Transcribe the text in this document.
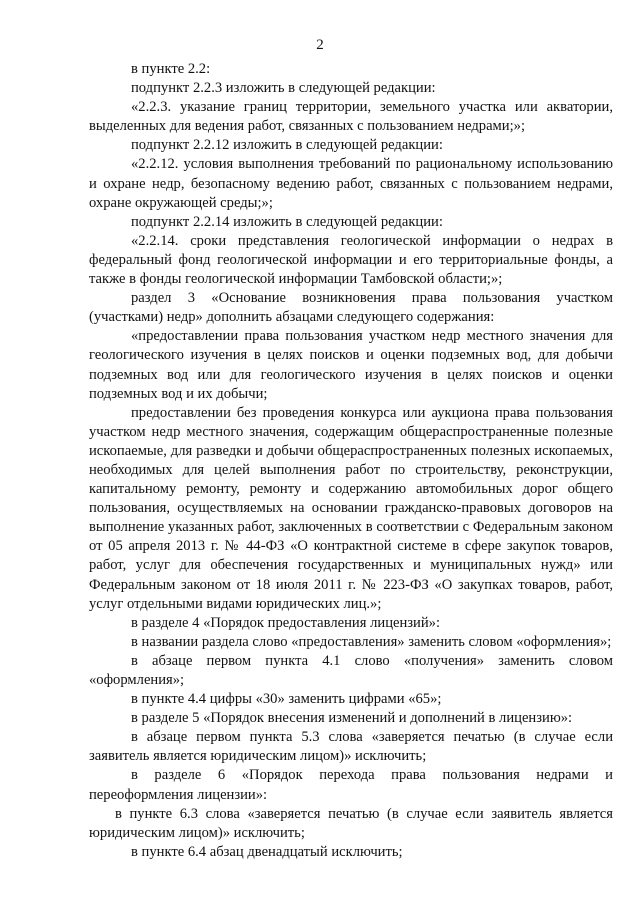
2

в пункте 2.2:

подпункт 2.2.3 изложить в следующей редакции:

«2.2.3. указание границ территории, земельного участка или акватории, выделенных для ведения работ, связанных с пользованием недрами;»;

подпункт 2.2.12 изложить в следующей редакции:

«2.2.12. условия выполнения требований по рациональному использованию и охране недр, безопасному ведению работ, связанных с пользованием недрами, охране окружающей среды;»;

подпункт 2.2.14 изложить в следующей редакции:

«2.2.14. сроки представления геологической информации о недрах в федеральный фонд геологической информации и его территориальные фонды, а также в фонды геологической информации Тамбовской области;»;

раздел 3 «Основание возникновения права пользования участком (участками) недр» дополнить абзацами следующего содержания:

«предоставлении права пользования участком недр местного значения для геологического изучения в целях поисков и оценки подземных вод, для добычи подземных вод или для геологического изучения в целях поисков и оценки подземных вод и их добычи;

предоставлении без проведения конкурса или аукциона права пользования участком недр местного значения, содержащим общераспространенные полезные ископаемые, для разведки и добычи общераспространенных полезных ископаемых, необходимых для целей выполнения работ по строительству, реконструкции, капитальному ремонту, ремонту и содержанию автомобильных дорог общего пользования, осуществляемых на основании гражданско-правовых договоров на выполнение указанных работ, заключенных в соответствии с Федеральным законом от 05 апреля 2013 г. № 44-ФЗ «О контрактной системе в сфере закупок товаров, работ, услуг для обеспечения государственных и муниципальных нужд» или Федеральным законом от 18 июля 2011 г. № 223-ФЗ «О закупках товаров, работ, услуг отдельными видами юридических лиц.»;

в разделе 4 «Порядок предоставления лицензий»:

в названии раздела слово «предоставления» заменить словом «оформления»;

в абзаце первом пункта 4.1 слово «получения» заменить словом «оформления»;

в пункте 4.4 цифры «30» заменить цифрами «65»;

в разделе 5 «Порядок внесения изменений и дополнений в лицензию»:

в абзаце первом пункта 5.3 слова «заверяется печатью (в случае если заявитель является юридическим лицом)» исключить;

в разделе 6 «Порядок перехода права пользования недрами и переоформления лицензии»:

в пункте 6.3 слова «заверяется печатью (в случае если заявитель является юридическим лицом)» исключить;

в пункте 6.4 абзац двенадцатый исключить;
